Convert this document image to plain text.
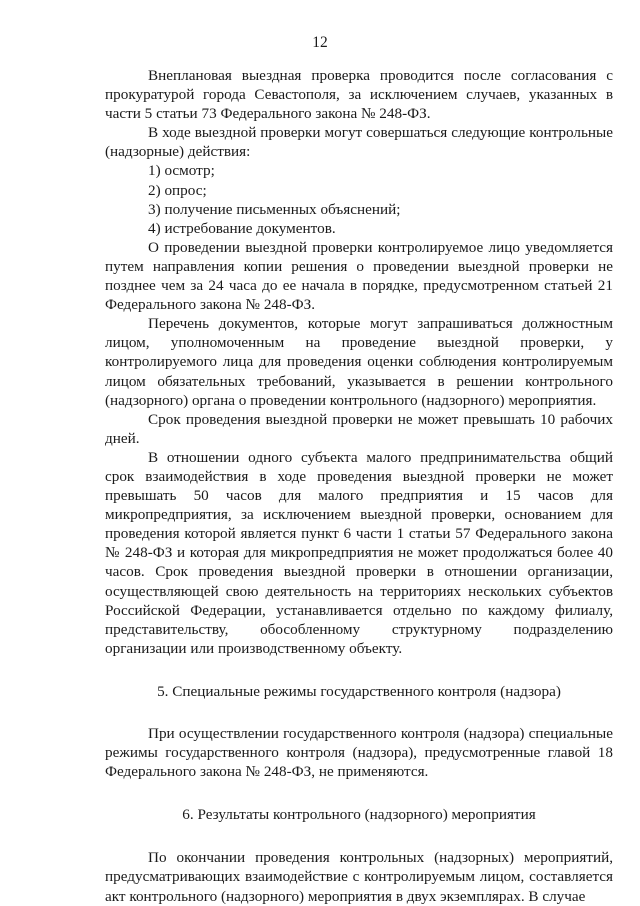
12

Внеплановая выездная проверка проводится после согласования с прокуратурой города Севастополя, за исключением случаев, указанных в части 5 статьи 73 Федерального закона № 248-ФЗ.

В ходе выездной проверки могут совершаться следующие контрольные (надзорные) действия:

1) осмотр;

2) опрос;

3) получение письменных объяснений;

4) истребование документов.

О проведении выездной проверки контролируемое лицо уведомляется путем направления копии решения о проведении выездной проверки не позднее чем за 24 часа до ее начала в порядке, предусмотренном статьей 21 Федерального закона № 248-ФЗ.

Перечень документов, которые могут запрашиваться должностным лицом, уполномоченным на проведение выездной проверки, у контролируемого лица для проведения оценки соблюдения контролируемым лицом обязательных требований, указывается в решении контрольного (надзорного) органа о проведении контрольного (надзорного) мероприятия.

Срок проведения выездной проверки не может превышать 10 рабочих дней.

В отношении одного субъекта малого предпринимательства общий срок взаимодействия в ходе проведения выездной проверки не может превышать 50 часов для малого предприятия и 15 часов для микропредприятия, за исключением выездной проверки, основанием для проведения которой является пункт 6 части 1 статьи 57 Федерального закона № 248-ФЗ и которая для микропредприятия не может продолжаться более 40 часов. Срок проведения выездной проверки в отношении организации, осуществляющей свою деятельность на территориях нескольких субъектов Российской Федерации, устанавливается отдельно по каждому филиалу, представительству, обособленному структурному подразделению организации или производственному объекту.

5. Специальные режимы государственного контроля (надзора)

При осуществлении государственного контроля (надзора) специальные режимы государственного контроля (надзора), предусмотренные главой 18 Федерального закона № 248-ФЗ, не применяются.

6. Результаты контрольного (надзорного) мероприятия

По окончании проведения контрольных (надзорных) мероприятий, предусматривающих взаимодействие с контролируемым лицом, составляется акт контрольного (надзорного) мероприятия в двух экземплярах. В случае
